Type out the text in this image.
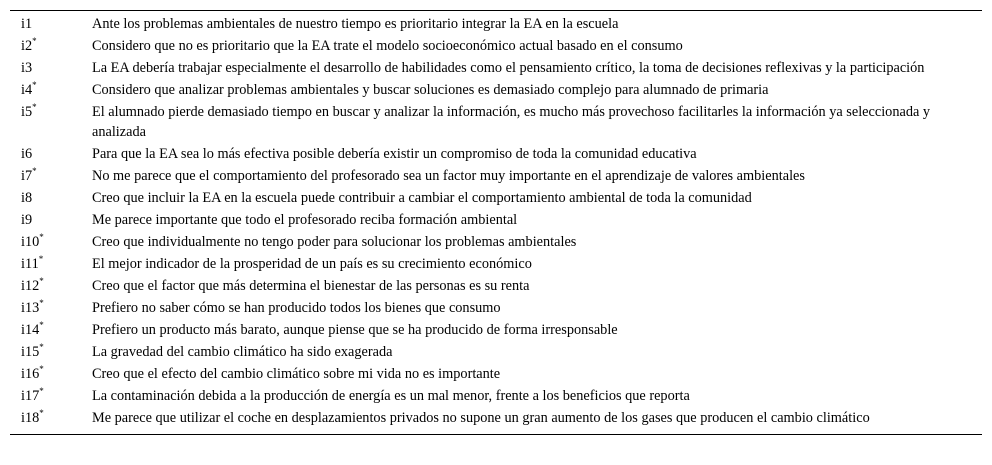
i1	Ante los problemas ambientales de nuestro tiempo es prioritario integrar la EA en la escuela
i2*	Considero que no es prioritario que la EA trate el modelo socioeconómico actual basado en el consumo
i3	La EA debería trabajar especialmente el desarrollo de habilidades como el pensamiento crítico, la toma de decisiones reflexivas y la participación
i4*	Considero que analizar problemas ambientales y buscar soluciones es demasiado complejo para alumnado de primaria
i5*	El alumnado pierde demasiado tiempo en buscar y analizar la información, es mucho más provechoso facilitarles la información ya seleccionada y analizada
i6	Para que la EA sea lo más efectiva posible debería existir un compromiso de toda la comunidad educativa
i7*	No me parece que el comportamiento del profesorado sea un factor muy importante en el aprendizaje de valores ambientales
i8	Creo que incluir la EA en la escuela puede contribuir a cambiar el comportamiento ambiental de toda la comunidad
i9	Me parece importante que todo el profesorado reciba formación ambiental
i10*	Creo que individualmente no tengo poder para solucionar los problemas ambientales
i11*	El mejor indicador de la prosperidad de un país es su crecimiento económico
i12*	Creo que el factor que más determina el bienestar de las personas es su renta
i13*	Prefiero no saber cómo se han producido todos los bienes que consumo
i14*	Prefiero un producto más barato, aunque piense que se ha producido de forma irresponsable
i15*	La gravedad del cambio climático ha sido exagerada
i16*	Creo que el efecto del cambio climático sobre mi vida no es importante
i17*	La contaminación debida a la producción de energía es un mal menor, frente a los beneficios que reporta
i18*	Me parece que utilizar el coche en desplazamientos privados no supone un gran aumento de los gases que producen el cambio climático
